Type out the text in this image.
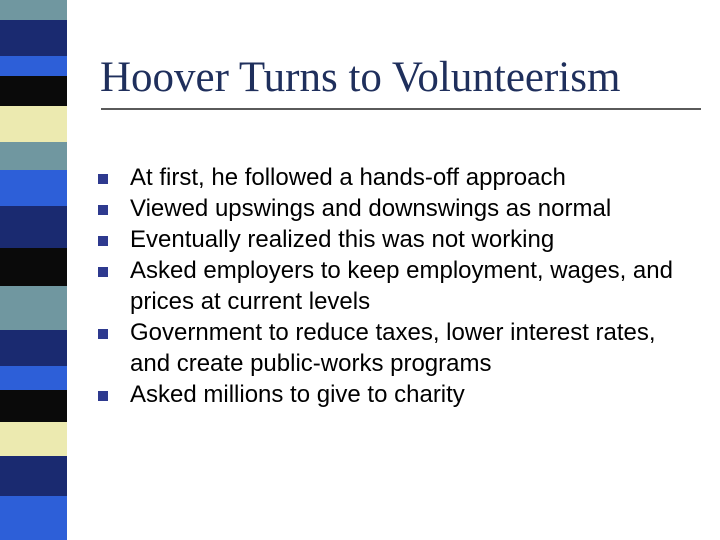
Hoover Turns to Volunteerism
At first, he followed a hands-off approach
Viewed upswings and downswings as normal
Eventually realized this was not working
Asked employers to keep employment, wages, and prices at current levels
Government to reduce taxes, lower interest rates, and create public-works programs
Asked millions to give to charity
